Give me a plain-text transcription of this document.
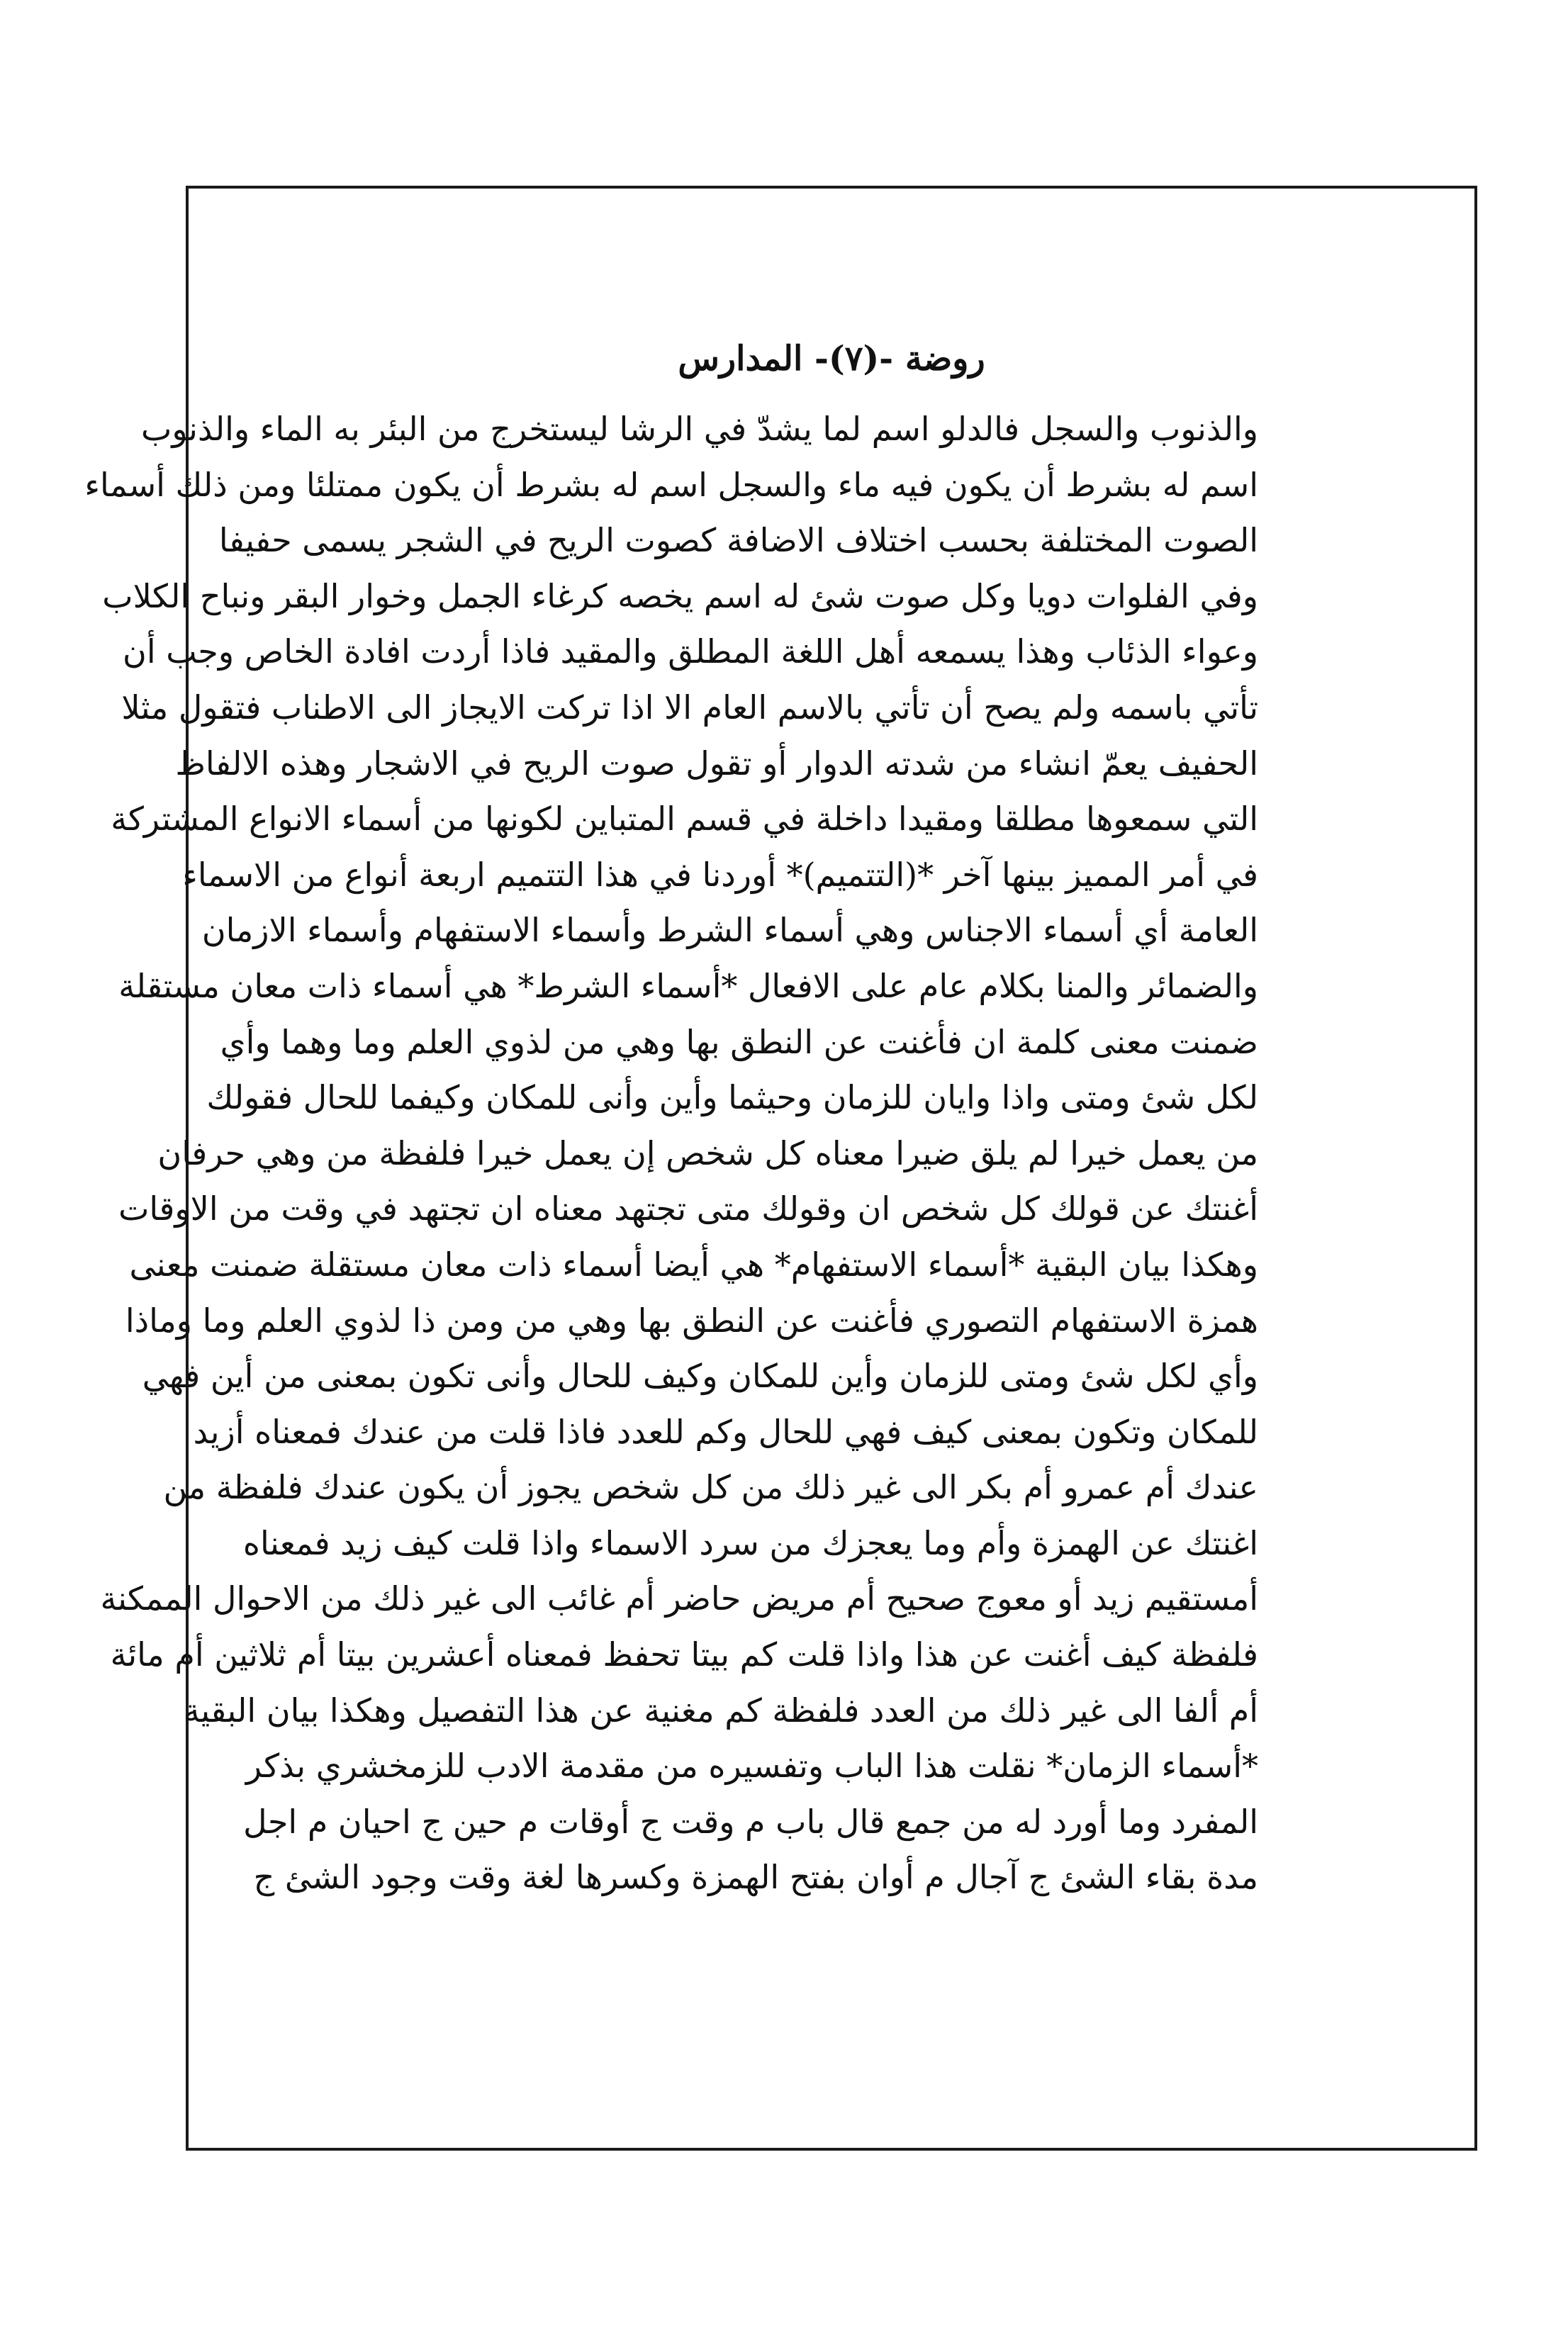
روضة -(٧)- المدارس
والذنوب والسجل فالدلو اسم لما يشدّ في الرشا ليستخرج من البئر به الماء والذنوب
اسم له بشرط أن يكون فيه ماء والسجل اسم له بشرط أن يكون ممتلئا ومن ذلك أسماء
الصوت المختلفة بحسب اختلاف الاضافة كصوت الريح في الشجر يسمى حفيفا
وفي الفلوات دويا وكل صوت شئ له اسم يخصه كرغاء الجمل وخوار البقر ونباح الكلاب
وعواء الذئاب وهذا يسمعه أهل اللغة المطلق والمقيد فاذا أردت افادة الخاص وجب أن
تأتي باسمه ولم يصح أن تأتي بالاسم العام الا اذا تركت الايجاز الى الاطناب فتقول مثلا
الحفيف يعمّ انشاء من شدته الدوار أو تقول صوت الريح في الاشجار وهذه الالفاظ
التي سمعوها مطلقا ومقيدا داخلة في قسم المتباين لكونها من أسماء الانواع المشتركة
في أمر المميز بينها آخر *(التتميم)* أوردنا في هذا التتميم اربعة أنواع من الاسماء
العامة أي أسماء الاجناس وهي أسماء الشرط وأسماء الاستفهام وأسماء الازمان
والضمائر والمنا بكلام عام على الافعال *أسماء الشرط* هي أسماء ذات معان مستقلة
ضمنت معنى كلمة ان فأغنت عن النطق بها وهي من لذوي العلم وما وهما وأي
لكل شئ ومتى واذا وايان للزمان وحيثما وأين وأنى للمكان وكيفما للحال فقولك
من يعمل خيرا لم يلق ضيرا معناه كل شخص إن يعمل خيرا فلفظة من وهي حرفان
أغنتك عن قولك كل شخص ان وقولك متى تجتهد معناه ان تجتهد في وقت من الاوقات
وهكذا بيان البقية *أسماء الاستفهام* هي أيضا أسماء ذات معان مستقلة ضمنت معنى
همزة الاستفهام التصوري فأغنت عن النطق بها وهي من ومن ذا لذوي العلم وما وماذا
وأي لكل شئ ومتى للزمان وأين للمكان وكيف للحال وأنى تكون بمعنى من أين فهي
للمكان وتكون بمعنى كيف فهي للحال وكم للعدد فاذا قلت من عندك فمعناه أزيد
عندك أم عمرو أم بكر الى غير ذلك من كل شخص يجوز أن يكون عندك فلفظة من
اغنتك عن الهمزة وأم وما يعجزك من سرد الاسماء واذا قلت كيف زيد فمعناه
أمستقيم زيد أو معوج صحيح أم مريض حاضر أم غائب الى غير ذلك من الاحوال الممكنة
فلفظة كيف أغنت عن هذا واذا قلت كم بيتا تحفظ فمعناه أعشرين بيتا أم ثلاثين أم مائة
أم ألفا الى غير ذلك من العدد فلفظة كم مغنية عن هذا التفصيل وهكذا بيان البقية
*أسماء الزمان* نقلت هذا الباب وتفسيره من مقدمة الادب للزمخشري بذكر
المفرد وما أورد له من جمع قال باب م وقت ج أوقات م حين ج احيان م اجل
مدة بقاء الشئ ج آجال م أوان بفتح الهمزة وكسرها لغة وقت وجود الشئ ج
